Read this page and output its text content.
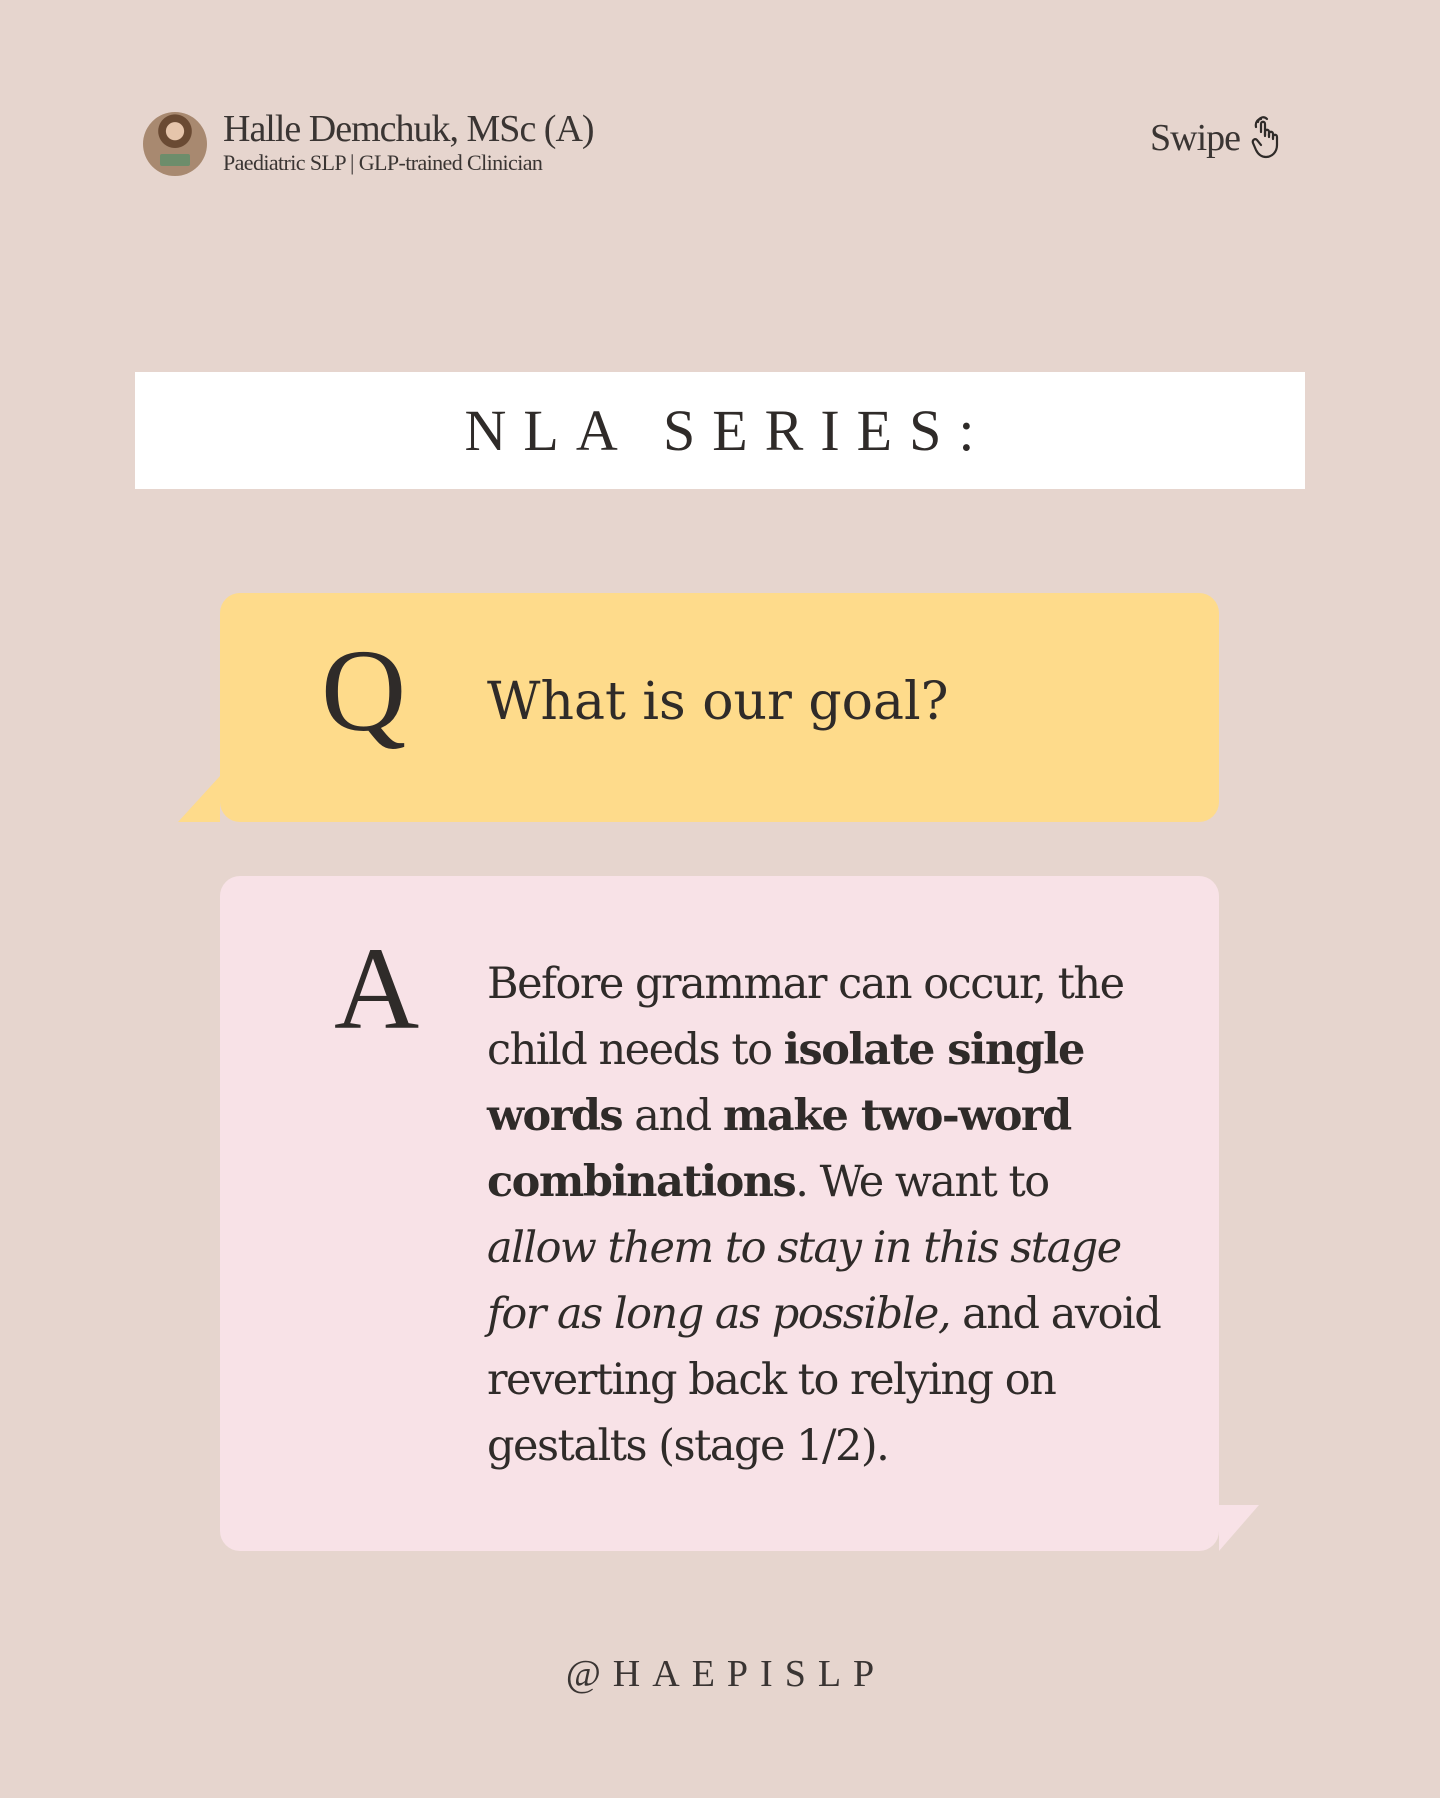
Halle Demchuk, MSc (A)
Paediatric SLP | GLP-trained Clinician
Swipe
NLA SERIES:
Q What is our goal?
A Before grammar can occur, the child needs to isolate single words and make two-word combinations. We want to allow them to stay in this stage for as long as possible, and avoid reverting back to relying on gestalts (stage 1/2).
@HAEPISLP
